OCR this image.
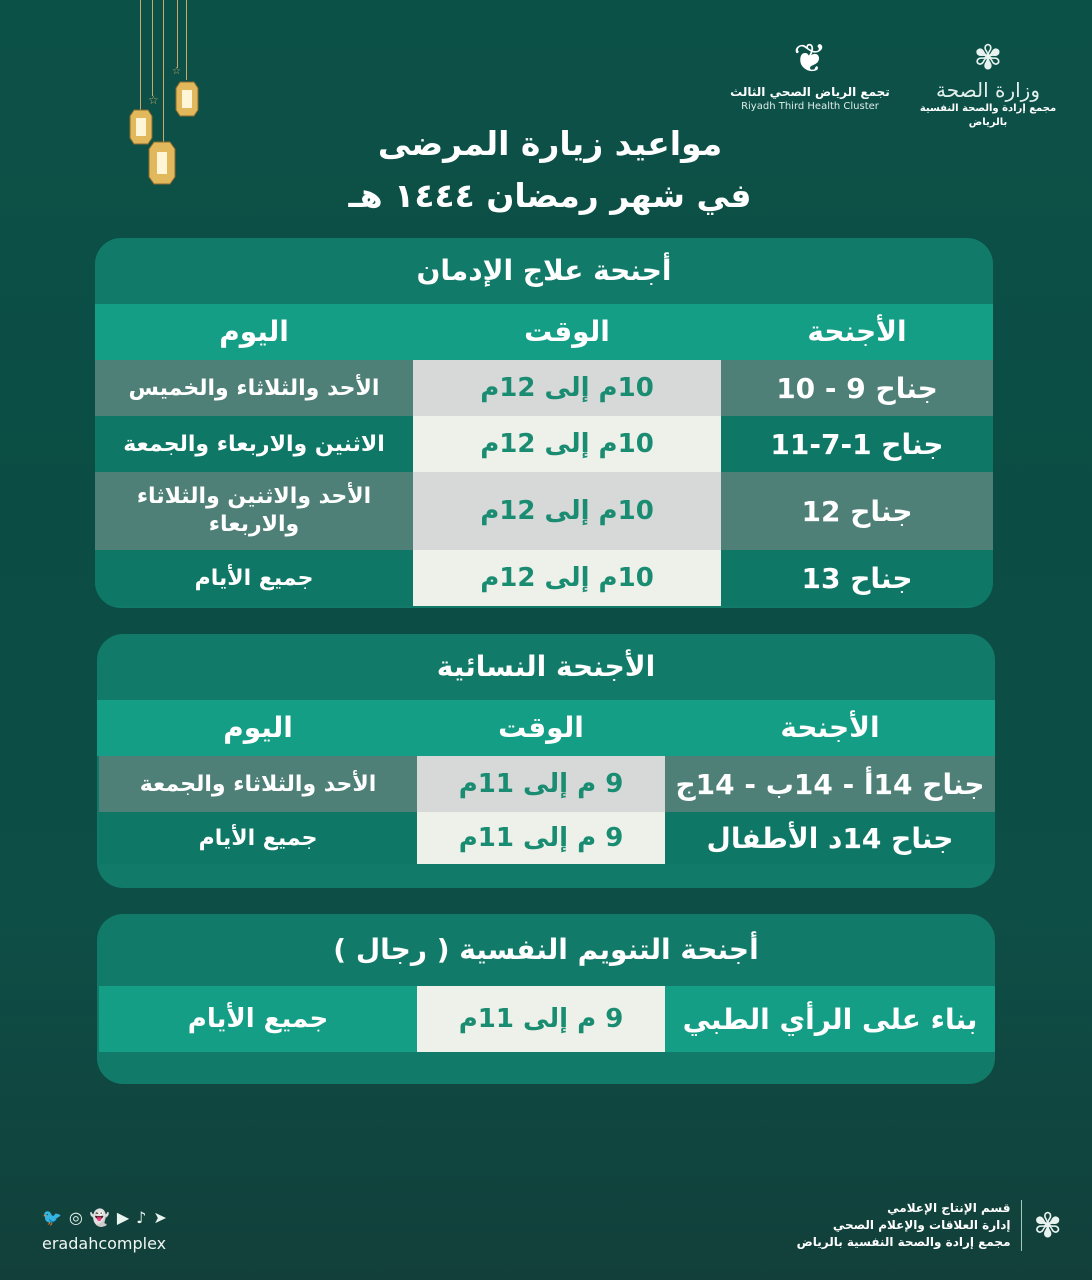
☆
☆	✾
وزارة الصحة
مجمع إرادة والصحة النفسية بالرياض
❦
تجمع الرياض الصحي الثالث
Riyadh Third Health Cluster
مواعيد زيارة المرضى
في شهر رمضان ١٤٤٤ هـ
أجنحة علاج الإدمان
الأجنحة
الوقت
اليوم
جناح 9 - 10
10م إلى 12م
الأحد والثلاثاء والخميس
جناح 1-7-11
10م إلى 12م
الاثنين والاربعاء والجمعة
جناح 12
10م إلى 12م
الأحد والاثنين والثلاثاء والاربعاء
جناح 13
10م إلى 12م
جميع الأيام
الأجنحة النسائية
الأجنحة
الوقت
اليوم
جناح 14أ - 14ب - 14ج
9 م إلى 11م
الأحد والثلاثاء والجمعة
جناح 14د الأطفال
9 م إلى 11م
جميع الأيام
أجنحة التنويم النفسية ( رجال )
بناء على الرأي الطبي
9 م إلى 11م
جميع الأيام
🐦 ◎ 👻 ▶ ♪ ➤
eradahcomplex	✾
قسم الإنتاج الإعلامي
إدارة العلاقات والإعلام الصحي
مجمع إرادة والصحة النفسية بالرياض
